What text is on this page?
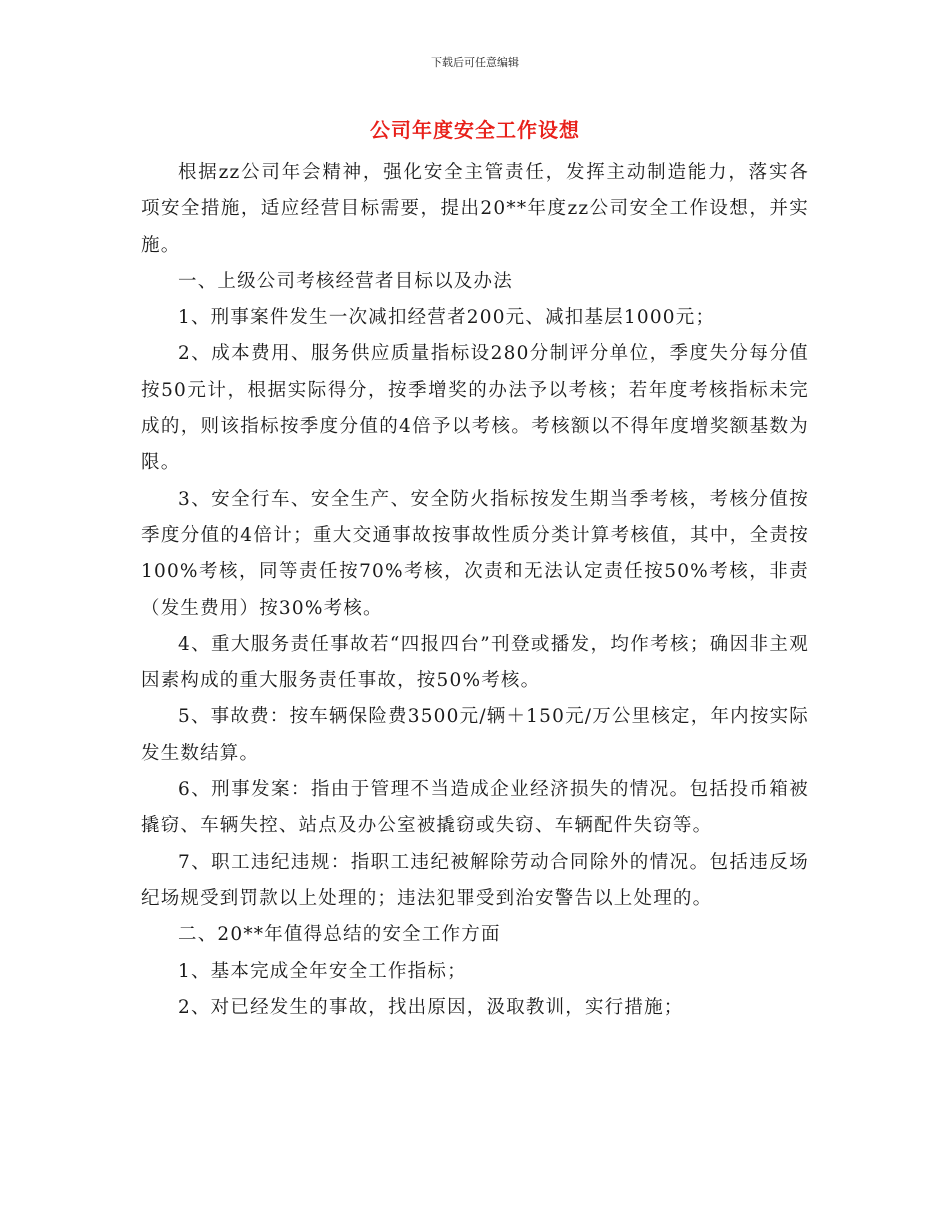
下载后可任意编辑
公司年度安全工作设想

根据zz公司年会精神，强化安全主管责任，发挥主动制造能力，落实各项安全措施，适应经营目标需要，提出20**年度zz公司安全工作设想，并实施。

一、上级公司考核经营者目标以及办法

1、刑事案件发生一次减扣经营者200元、减扣基层1000元；

2、成本费用、服务供应质量指标设280分制评分单位，季度失分每分值按50元计，根据实际得分，按季增奖的办法予以考核；若年度考核指标未完成的，则该指标按季度分值的4倍予以考核。考核额以不得年度增奖额基数为限。

3、安全行车、安全生产、安全防火指标按发生期当季考核，考核分值按季度分值的4倍计；重大交通事故按事故性质分类计算考核值，其中，全责按100%考核，同等责任按70%考核，次责和无法认定责任按50%考核，非责（发生费用）按30%考核。

4、重大服务责任事故若“四报四台”刊登或播发，均作考核；确因非主观因素构成的重大服务责任事故，按50%考核。

5、事故费：按车辆保险费3500元/辆＋150元/万公里核定，年内按实际发生数结算。

6、刑事发案：指由于管理不当造成企业经济损失的情况。包括投币箱被撬窃、车辆失控、站点及办公室被撬窃或失窃、车辆配件失窃等。

7、职工违纪违规：指职工违纪被解除劳动合同除外的情况。包括违反场纪场规受到罚款以上处理的；违法犯罪受到治安警告以上处理的。

二、20**年值得总结的安全工作方面

1、基本完成全年安全工作指标；

2、对已经发生的事故，找出原因，汲取教训，实行措施；
